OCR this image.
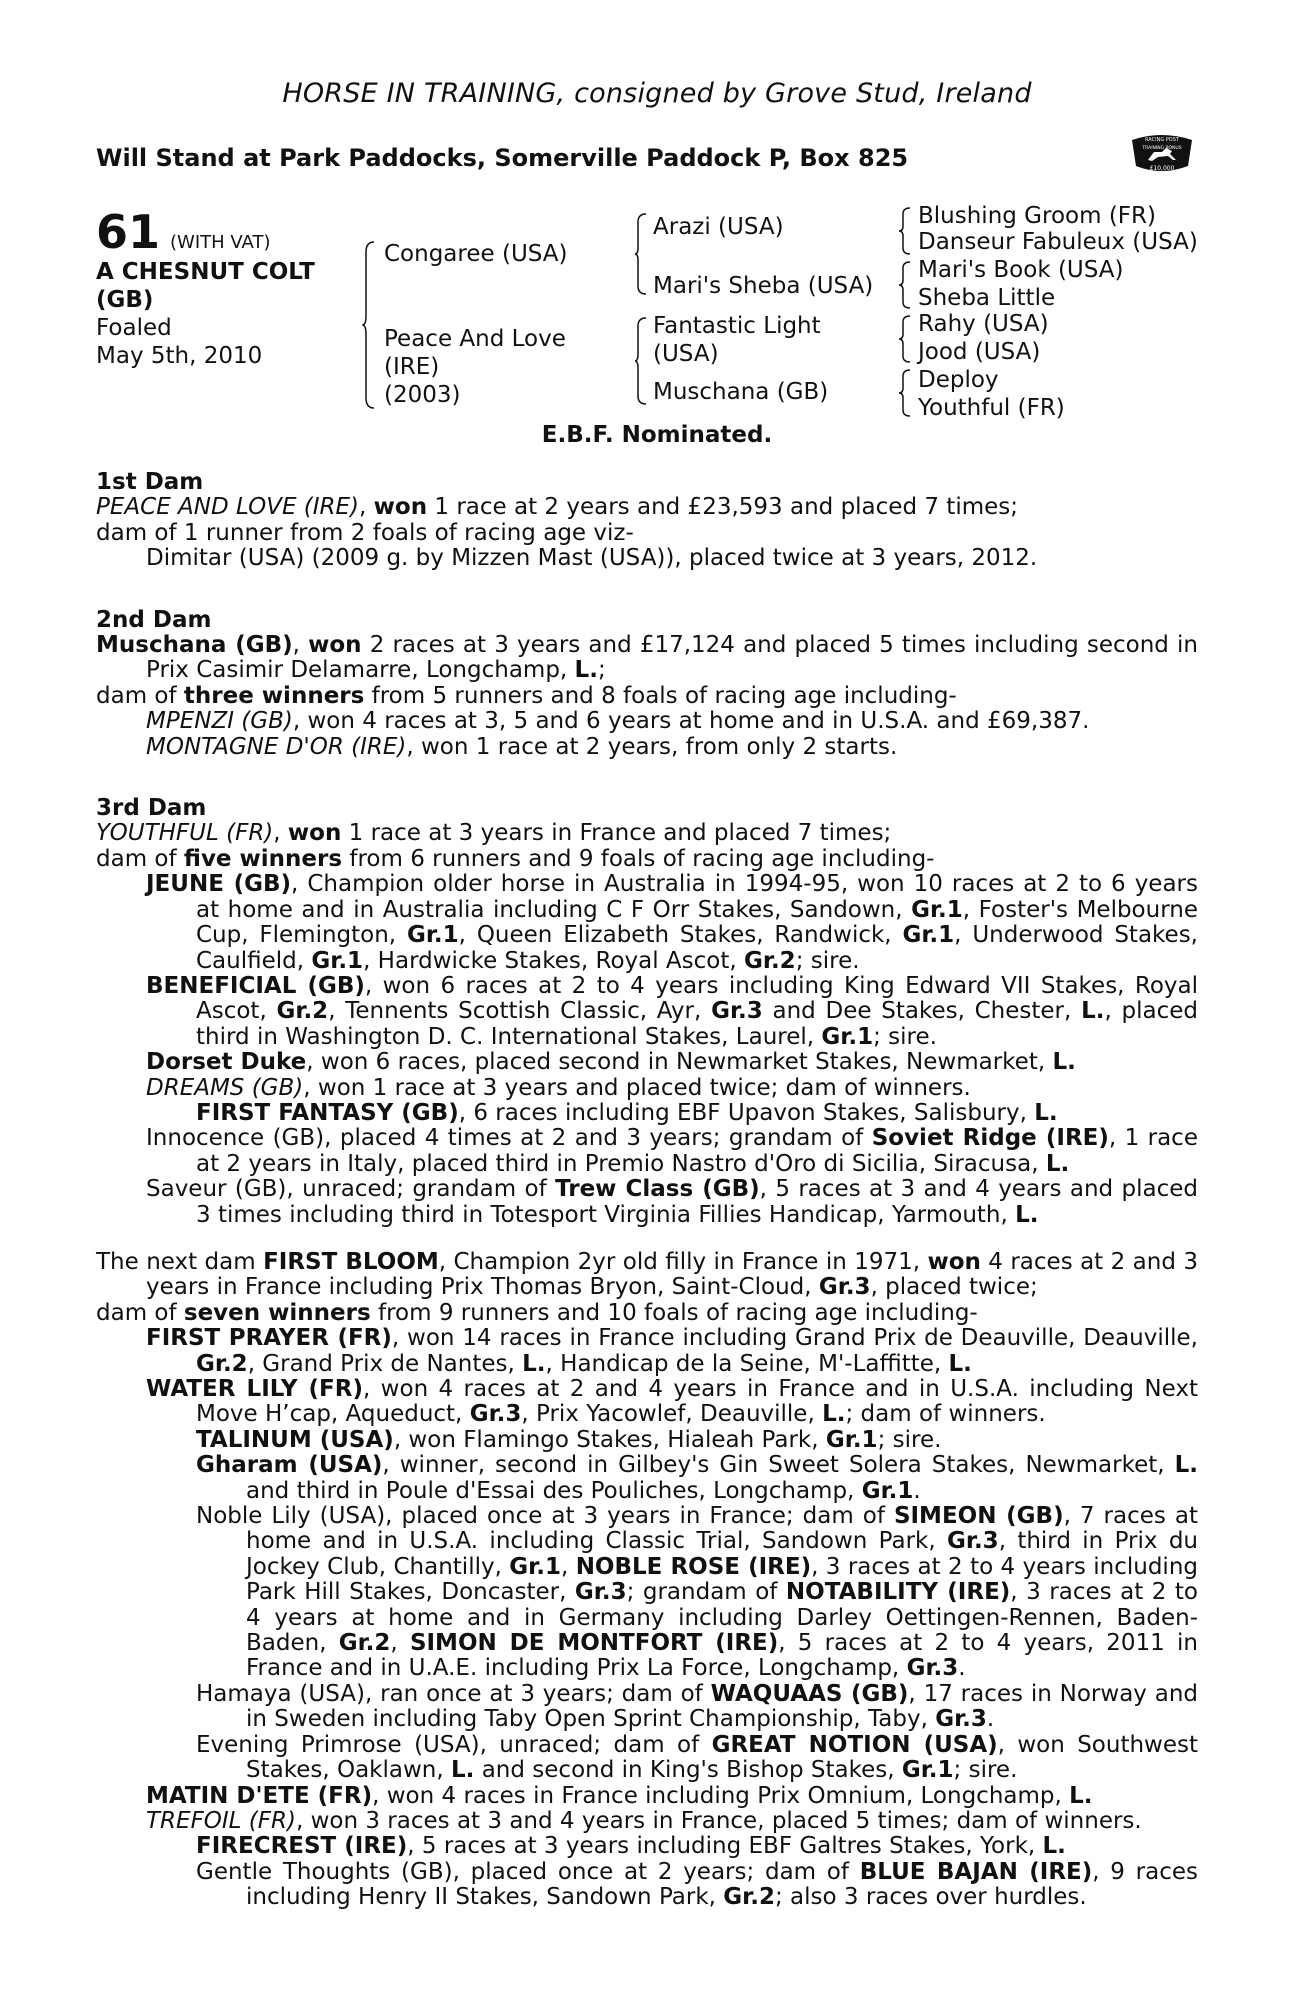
HORSE IN TRAINING, consigned by Grove Stud, Ireland
Will Stand at Park Paddocks, Somerville Paddock P, Box 825
RACING POST
TRAINING BONUS
£10,000
61 (WITH VAT)
A CHESNUT COLT
(GB)
Foaled
May 5th, 2010
Congaree (USA)
Peace And Love
(IRE)
(2003)
Arazi (USA)
Mari's Sheba (USA)
Fantastic Light
(USA)
Muschana (GB)
Blushing Groom (FR)
Danseur Fabuleux (USA)
Mari's Book (USA)
Sheba Little
Rahy (USA)
Jood (USA)
Deploy
Youthful (FR)
E.B.F. Nominated.

1st Dam

PEACE AND LOVE (IRE), won 1 race at 2 years and £23,593 and placed 7 times;

dam of 1 runner from 2 foals of racing age viz-

Dimitar (USA) (2009 g. by Mizzen Mast (USA)), placed twice at 3 years, 2012.

2nd Dam

Muschana (GB), won 2 races at 3 years and £17,124 and placed 5 times including second in Prix Casimir Delamarre, Longchamp, L.;

dam of three winners from 5 runners and 8 foals of racing age including-

MPENZI (GB), won 4 races at 3, 5 and 6 years at home and in U.S.A. and £69,387.

MONTAGNE D'OR (IRE), won 1 race at 2 years, from only 2 starts.

3rd Dam

YOUTHFUL (FR), won 1 race at 3 years in France and placed 7 times;

dam of five winners from 6 runners and 9 foals of racing age including-

JEUNE (GB), Champion older horse in Australia in 1994-95, won 10 races at 2 to 6 years at home and in Australia including C F Orr Stakes, Sandown, Gr.1, Foster's Melbourne Cup, Flemington, Gr.1, Queen Elizabeth Stakes, Randwick, Gr.1, Underwood Stakes, Caulfield, Gr.1, Hardwicke Stakes, Royal Ascot, Gr.2; sire.

BENEFICIAL (GB), won 6 races at 2 to 4 years including King Edward VII Stakes, Royal Ascot, Gr.2, Tennents Scottish Classic, Ayr, Gr.3 and Dee Stakes, Chester, L., placed third in Washington D. C. International Stakes, Laurel, Gr.1; sire.

Dorset Duke, won 6 races, placed second in Newmarket Stakes, Newmarket, L.

DREAMS (GB), won 1 race at 3 years and placed twice; dam of winners.

FIRST FANTASY (GB), 6 races including EBF Upavon Stakes, Salisbury, L.

Innocence (GB), placed 4 times at 2 and 3 years; grandam of Soviet Ridge (IRE), 1 race at 2 years in Italy, placed third in Premio Nastro d'Oro di Sicilia, Siracusa, L.

Saveur (GB), unraced; grandam of Trew Class (GB), 5 races at 3 and 4 years and placed 3 times including third in Totesport Virginia Fillies Handicap, Yarmouth, L.

The next dam FIRST BLOOM, Champion 2yr old filly in France in 1971, won 4 races at 2 and 3 years in France including Prix Thomas Bryon, Saint-Cloud, Gr.3, placed twice;

dam of seven winners from 9 runners and 10 foals of racing age including-

FIRST PRAYER (FR), won 14 races in France including Grand Prix de Deauville, Deauville, Gr.2, Grand Prix de Nantes, L., Handicap de la Seine, M'-Laffitte, L.

WATER LILY (FR), won 4 races at 2 and 4 years in France and in U.S.A. including Next Move H’cap, Aqueduct, Gr.3, Prix Yacowlef, Deauville, L.; dam of winners.

TALINUM (USA), won Flamingo Stakes, Hialeah Park, Gr.1; sire.

Gharam (USA), winner, second in Gilbey's Gin Sweet Solera Stakes, Newmarket, L. and third in Poule d'Essai des Pouliches, Longchamp, Gr.1.

Noble Lily (USA), placed once at 3 years in France; dam of SIMEON (GB), 7 races at home and in U.S.A. including Classic Trial, Sandown Park, Gr.3, third in Prix du Jockey Club, Chantilly, Gr.1, NOBLE ROSE (IRE), 3 races at 2 to 4 years including Park Hill Stakes, Doncaster, Gr.3; grandam of NOTABILITY (IRE), 3 races at 2 to 4 years at home and in Germany including Darley Oettingen-Rennen, Baden-Baden, Gr.2, SIMON DE MONTFORT (IRE), 5 races at 2 to 4 years, 2011 in France and in U.A.E. including Prix La Force, Longchamp, Gr.3.

Hamaya (USA), ran once at 3 years; dam of WAQUAAS (GB), 17 races in Norway and in Sweden including Taby Open Sprint Championship, Taby, Gr.3.

Evening Primrose (USA), unraced; dam of GREAT NOTION (USA), won Southwest Stakes, Oaklawn, L. and second in King's Bishop Stakes, Gr.1; sire.

MATIN D'ETE (FR), won 4 races in France including Prix Omnium, Longchamp, L.

TREFOIL (FR), won 3 races at 3 and 4 years in France, placed 5 times; dam of winners.

FIRECREST (IRE), 5 races at 3 years including EBF Galtres Stakes, York, L.

Gentle Thoughts (GB), placed once at 2 years; dam of BLUE BAJAN (IRE), 9 races including Henry II Stakes, Sandown Park, Gr.2; also 3 races over hurdles.
